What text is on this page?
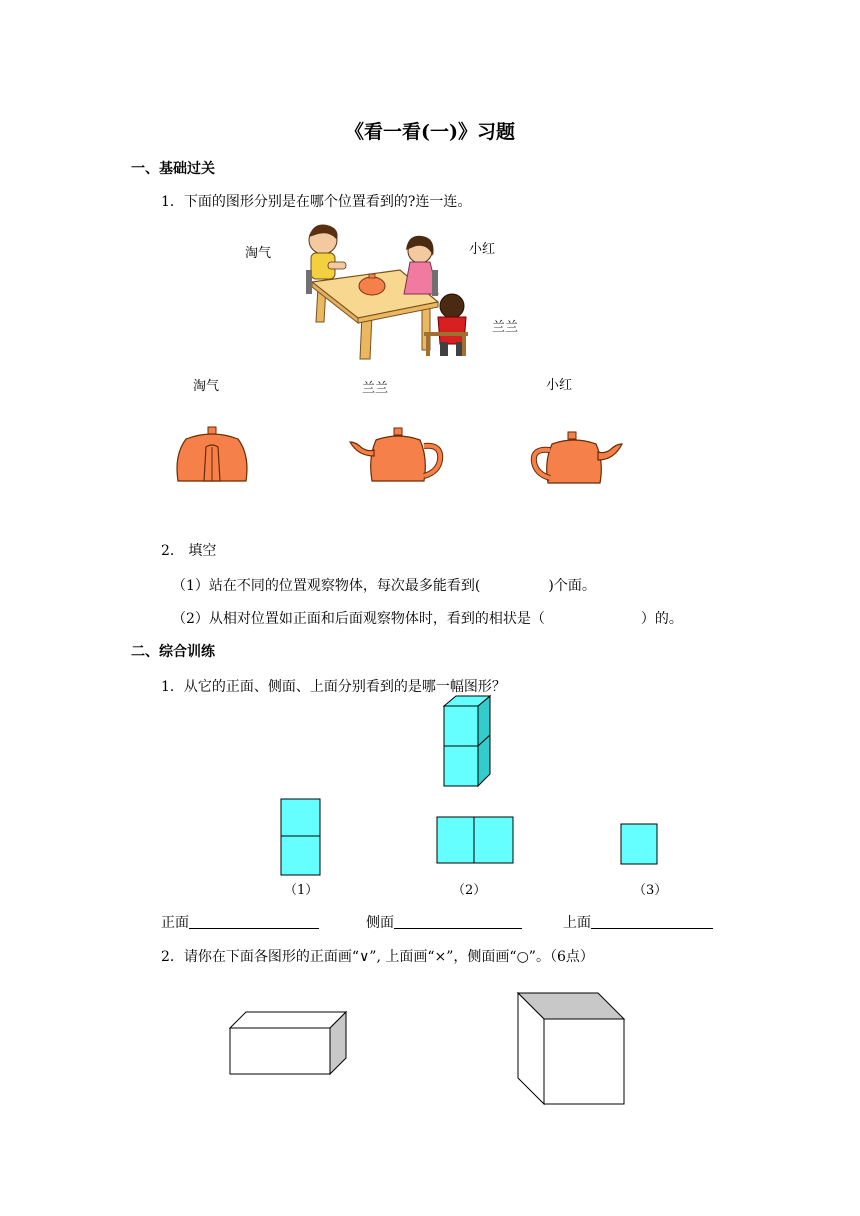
《看一看(一)》习题
一、基础过关
1．下面的图形分别是在哪个位置看到的?连一连。
淘气	小红
兰兰
淘气	兰兰	小红
2． 填空
（1）站在不同的位置观察物体，每次最多能看到(	)个面。
（2）从相对位置如正面和后面观察物体时，看到的相状是（	）的。
二、综合训练
1．从它的正面、侧面、上面分别看到的是哪一幅图形？
（1）	（2）	（3）
正面	侧面	上面
2．请你在下面各图形的正面画“∨”, 上面画“×”，侧面画“○”。（6点）
